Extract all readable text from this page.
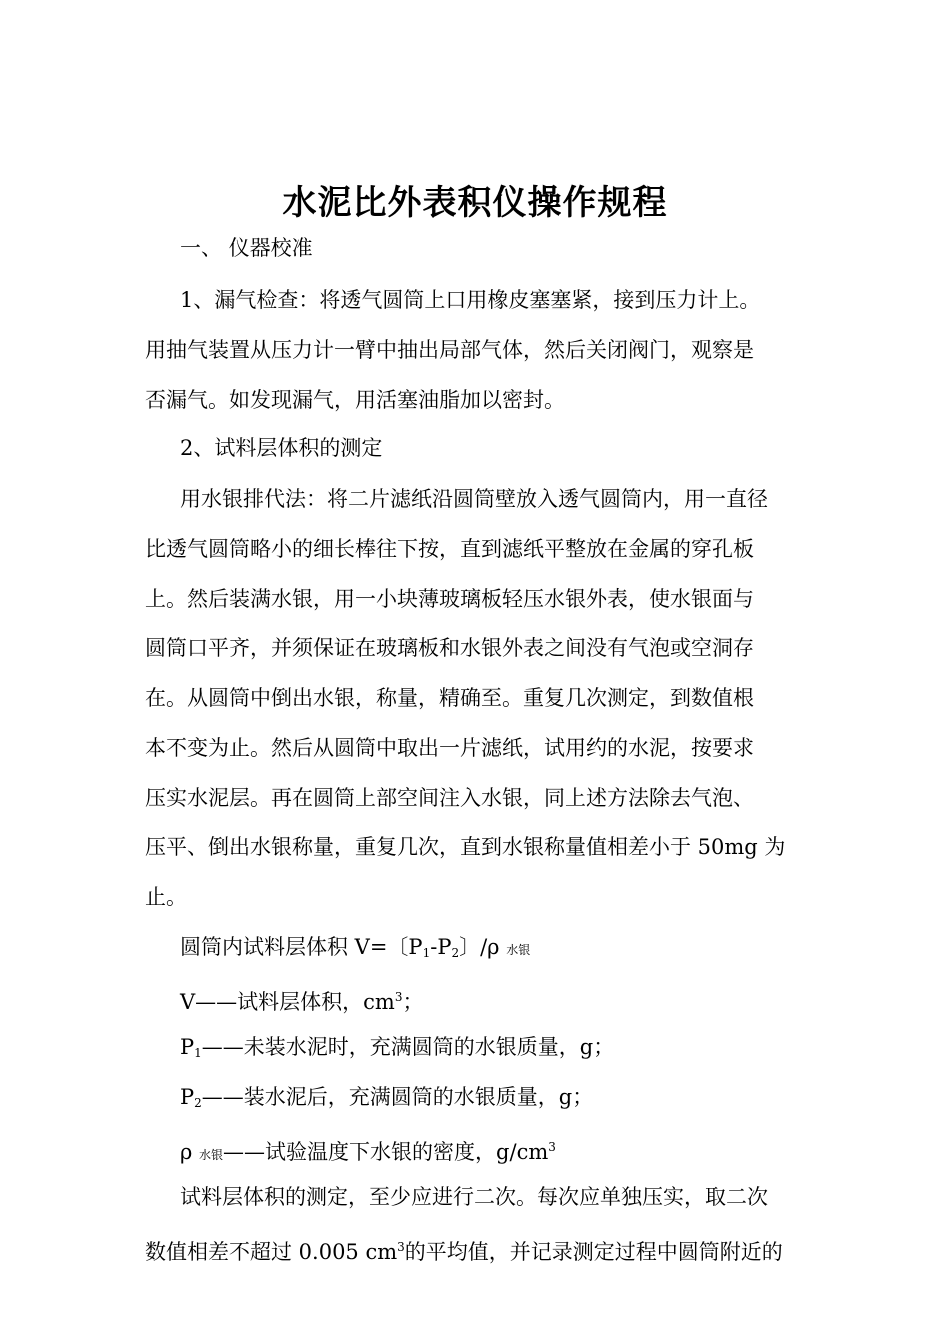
水泥比外表积仪操作规程

一、 仪器校准

1、漏气检查：将透气圆筒上口用橡皮塞塞紧，接到压力计上。

用抽气装置从压力计一臂中抽出局部气体，然后关闭阀门，观察是

否漏气。如发现漏气，用活塞油脂加以密封。

2、试料层体积的测定

用水银排代法：将二片滤纸沿圆筒壁放入透气圆筒内，用一直径

比透气圆筒略小的细长棒往下按，直到滤纸平整放在金属的穿孔板

上。然后装满水银，用一小块薄玻璃板轻压水银外表，使水银面与

圆筒口平齐，并须保证在玻璃板和水银外表之间没有气泡或空洞存

在。从圆筒中倒出水银，称量，精确至。重复几次测定，到数值根

本不变为止。然后从圆筒中取出一片滤纸，试用约的水泥，按要求

压实水泥层。再在圆筒上部空间注入水银，同上述方法除去气泡、

压平、倒出水银称量，重复几次，直到水银称量值相差小于 50mg 为

止。

圆筒内试料层体积 V=〔$P_1-P_2$〕/ρ 水银

V——试料层体积，$cm^3$；

$P_1——$未装水泥时，充满圆筒的水银质量，g；

$P_2——$装水泥后，充满圆筒的水银质量，g；

ρ 水银——试验温度下水银的密度，$g/cm^3$

试料层体积的测定，至少应进行二次。每次应单独压实，取二次

数值相差不超过 0.005 $cm^3$的平均值，并记录测定过程中圆筒附近的
